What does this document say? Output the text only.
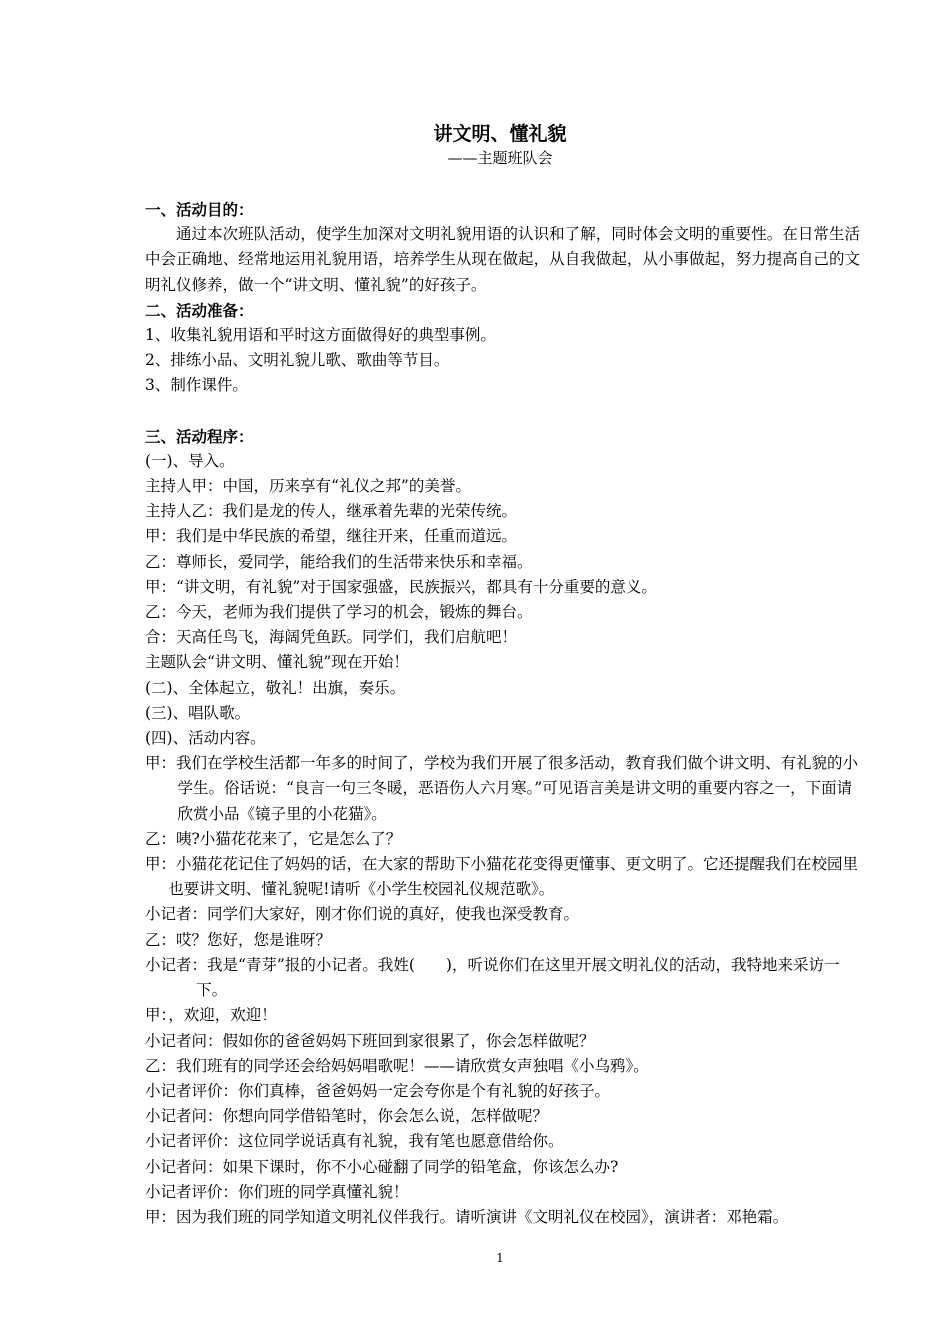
讲文明、懂礼貌
——主题班队会

一、活动目的：

通过本次班队活动，使学生加深对文明礼貌用语的认识和了解，同时体会文明的重要性。在日常生活中会正确地、经常地运用礼貌用语，培养学生从现在做起，从自我做起，从小事做起，努力提高自己的文明礼仪修养，做一个“讲文明、懂礼貌”的好孩子。

二、活动准备：

1、收集礼貌用语和平时这方面做得好的典型事例。

2、排练小品、文明礼貌儿歌、歌曲等节目。

3、制作课件。

三、活动程序：

(一)、导入。

主持人甲：中国，历来享有“礼仪之邦”的美誉。

主持人乙：我们是龙的传人，继承着先辈的光荣传统。

甲：我们是中华民族的希望，继往开来，任重而道远。

乙：尊师长，爱同学，能给我们的生活带来快乐和幸福。

甲：“讲文明，有礼貌”对于国家强盛，民族振兴，都具有十分重要的意义。

乙：今天，老师为我们提供了学习的机会，锻炼的舞台。

合：天高任鸟飞，海阔凭鱼跃。同学们，我们启航吧！

主题队会“讲文明、懂礼貌”现在开始！

(二)、全体起立，敬礼！出旗，奏乐。

(三)、唱队歌。

(四)、活动内容。

甲：我们在学校生活都一年多的时间了，学校为我们开展了很多活动，教育我们做个讲文明、有礼貌的小学生。俗话说：“良言一句三冬暖，恶语伤人六月寒。”可见语言美是讲文明的重要内容之一，下面请欣赏小品《镜子里的小花猫》。

乙：咦?小猫花花来了，它是怎么了？

甲：小猫花花记住了妈妈的话，在大家的帮助下小猫花花变得更懂事、更文明了。它还提醒我们在校园里也要讲文明、懂礼貌呢!请听《小学生校园礼仪规范歌》。

小记者：同学们大家好，刚才你们说的真好，使我也深受教育。

乙：哎？您好，您是谁呀？

小记者：我是“青芽”报的小记者。我姓(　　)，听说你们在这里开展文明礼仪的活动，我特地来采访一下。

甲：，欢迎，欢迎！

小记者问：假如你的爸爸妈妈下班回到家很累了，你会怎样做呢？

乙：我们班有的同学还会给妈妈唱歌呢！——请欣赏女声独唱《小乌鸦》。

小记者评价：你们真棒，爸爸妈妈一定会夸你是个有礼貌的好孩子。

小记者问：你想向同学借铅笔时，你会怎么说，怎样做呢？

小记者评价：这位同学说话真有礼貌，我有笔也愿意借给你。

小记者问：如果下课时，你不小心碰翻了同学的铅笔盒，你该怎么办?

小记者评价：你们班的同学真懂礼貌！

甲：因为我们班的同学知道文明礼仪伴我行。请听演讲《文明礼仪在校园》，演讲者：邓艳霜。

1
